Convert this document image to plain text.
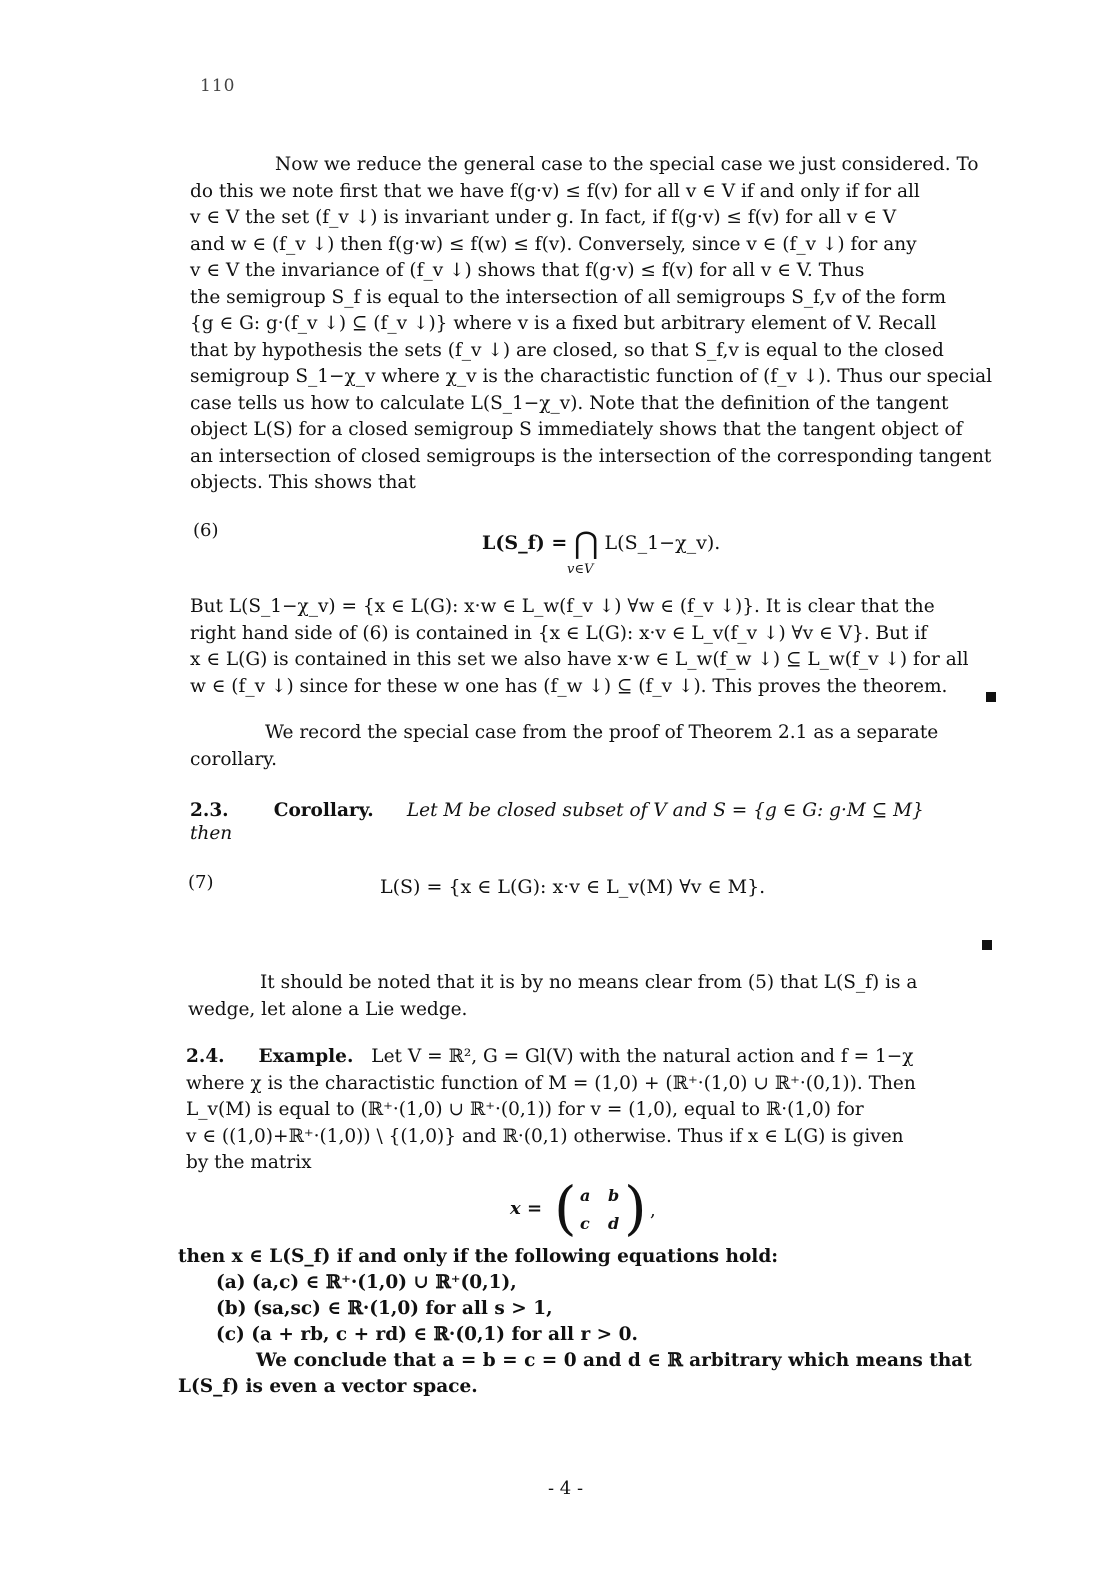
110
Now we reduce the general case to the special case we just considered. To
do this we note first that we have f(g·v) ≤ f(v) for all v ∈ V if and only if for all
v ∈ V the set (f_v ↓) is invariant under g. In fact, if f(g·v) ≤ f(v) for all v ∈ V
and w ∈ (f_v ↓) then f(g·w) ≤ f(w) ≤ f(v). Conversely, since v ∈ (f_v ↓) for any
v ∈ V the invariance of (f_v ↓) shows that f(g·v) ≤ f(v) for all v ∈ V. Thus
the semigroup S_f is equal to the intersection of all semigroups S_f,v of the form
{g ∈ G: g·(f_v ↓) ⊆ (f_v ↓)} where v is a fixed but arbitrary element of V. Recall
that by hypothesis the sets (f_v ↓) are closed, so that S_f,v is equal to the closed
semigroup S_1−χ_v where χ_v is the charactistic function of (f_v ↓). Thus our special
case tells us how to calculate L(S_1−χ_v). Note that the definition of the tangent
object L(S) for a closed semigroup S immediately shows that the tangent object of
an intersection of closed semigroups is the intersection of the corresponding tangent
objects. This shows that
(6)
L(S_f) = ⋂ L(S_1−χ_v).
v∈V
But L(S_1−χ_v) = {x ∈ L(G): x·w ∈ L_w(f_v ↓) ∀w ∈ (f_v ↓)}. It is clear that the
right hand side of (6) is contained in {x ∈ L(G): x·v ∈ L_v(f_v ↓) ∀v ∈ V}. But if
x ∈ L(G) is contained in this set we also have x·w ∈ L_w(f_w ↓) ⊆ L_w(f_v ↓) for all
w ∈ (f_v ↓) since for these w one has (f_w ↓) ⊆ (f_v ↓). This proves the theorem.
We record the special case from the proof of Theorem 2.1 as a separate
corollary.
2.3. Corollary. Let M be closed subset of V and S = {g ∈ G: g·M ⊆ M}
then
(7)	L(S) = {x ∈ L(G): x·v ∈ L_v(M) ∀v ∈ M}.
It should be noted that it is by no means clear from (5) that L(S_f) is a
wedge, let alone a Lie wedge.
2.4. Example. Let V = ℝ², G = Gl(V) with the natural action and f = 1−χ
where χ is the charactistic function of M = (1,0) + (ℝ⁺·(1,0) ∪ ℝ⁺·(0,1)). Then
L_v(M) is equal to (ℝ⁺·(1,0) ∪ ℝ⁺·(0,1)) for v = (1,0), equal to ℝ·(1,0) for
v ∈ ((1,0)+ℝ⁺·(1,0)) \ {(1,0)} and ℝ·(0,1) otherwise. Thus if x ∈ L(G) is given
by the matrix
x = ( a b
c d ) ,
then x ∈ L(S_f) if and only if the following equations hold:
(a) (a,c) ∈ ℝ⁺·(1,0) ∪ ℝ⁺(0,1),
(b) (sa,sc) ∈ ℝ·(1,0) for all s > 1,
(c) (a + rb, c + rd) ∈ ℝ·(0,1) for all r > 0.
We conclude that a = b = c = 0 and d ∈ ℝ arbitrary which means that
L(S_f) is even a vector space.
- 4 -
